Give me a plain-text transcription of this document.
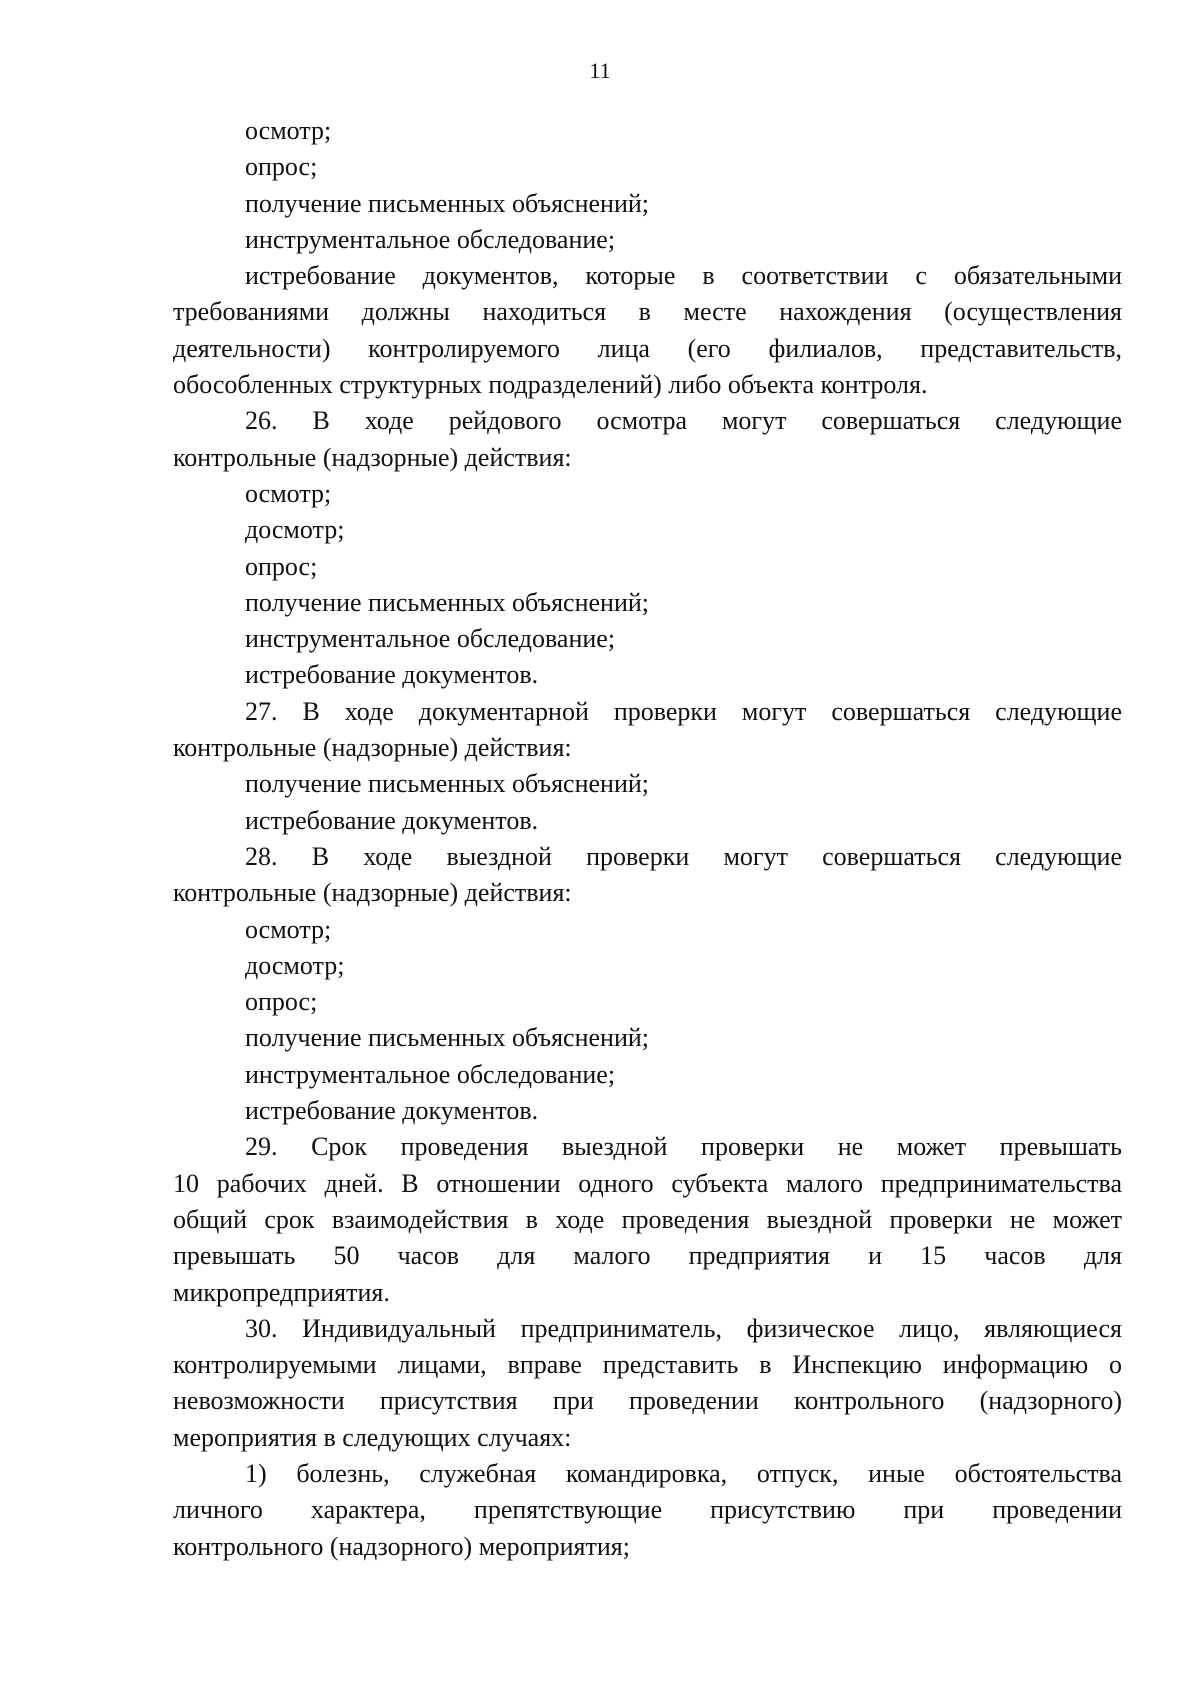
11
осмотр;
опрос;
получение письменных объяснений;
инструментальное обследование;
истребование документов, которые в соответствии с обязательными
требованиями должны находиться в месте нахождения (осуществления
деятельности) контролируемого лица (его филиалов, представительств,
обособленных структурных подразделений) либо объекта контроля.
26. В ходе рейдового осмотра могут совершаться следующие
контрольные (надзорные) действия:
осмотр;
досмотр;
опрос;
получение письменных объяснений;
инструментальное обследование;
истребование документов.
27. В ходе документарной проверки могут совершаться следующие
контрольные (надзорные) действия:
получение письменных объяснений;
истребование документов.
28. В ходе выездной проверки могут совершаться следующие
контрольные (надзорные) действия:
осмотр;
досмотр;
опрос;
получение письменных объяснений;
инструментальное обследование;
истребование документов.
29. Срок проведения выездной проверки не может превышать
10 рабочих дней. В отношении одного субъекта малого предпринимательства
общий срок взаимодействия в ходе проведения выездной проверки не может
превышать 50 часов для малого предприятия и 15 часов для
микропредприятия.
30. Индивидуальный предприниматель, физическое лицо, являющиеся
контролируемыми лицами, вправе представить в Инспекцию информацию о
невозможности присутствия при проведении контрольного (надзорного)
мероприятия в следующих случаях:
1) болезнь, служебная командировка, отпуск, иные обстоятельства
личного характера, препятствующие присутствию при проведении
контрольного (надзорного) мероприятия;
